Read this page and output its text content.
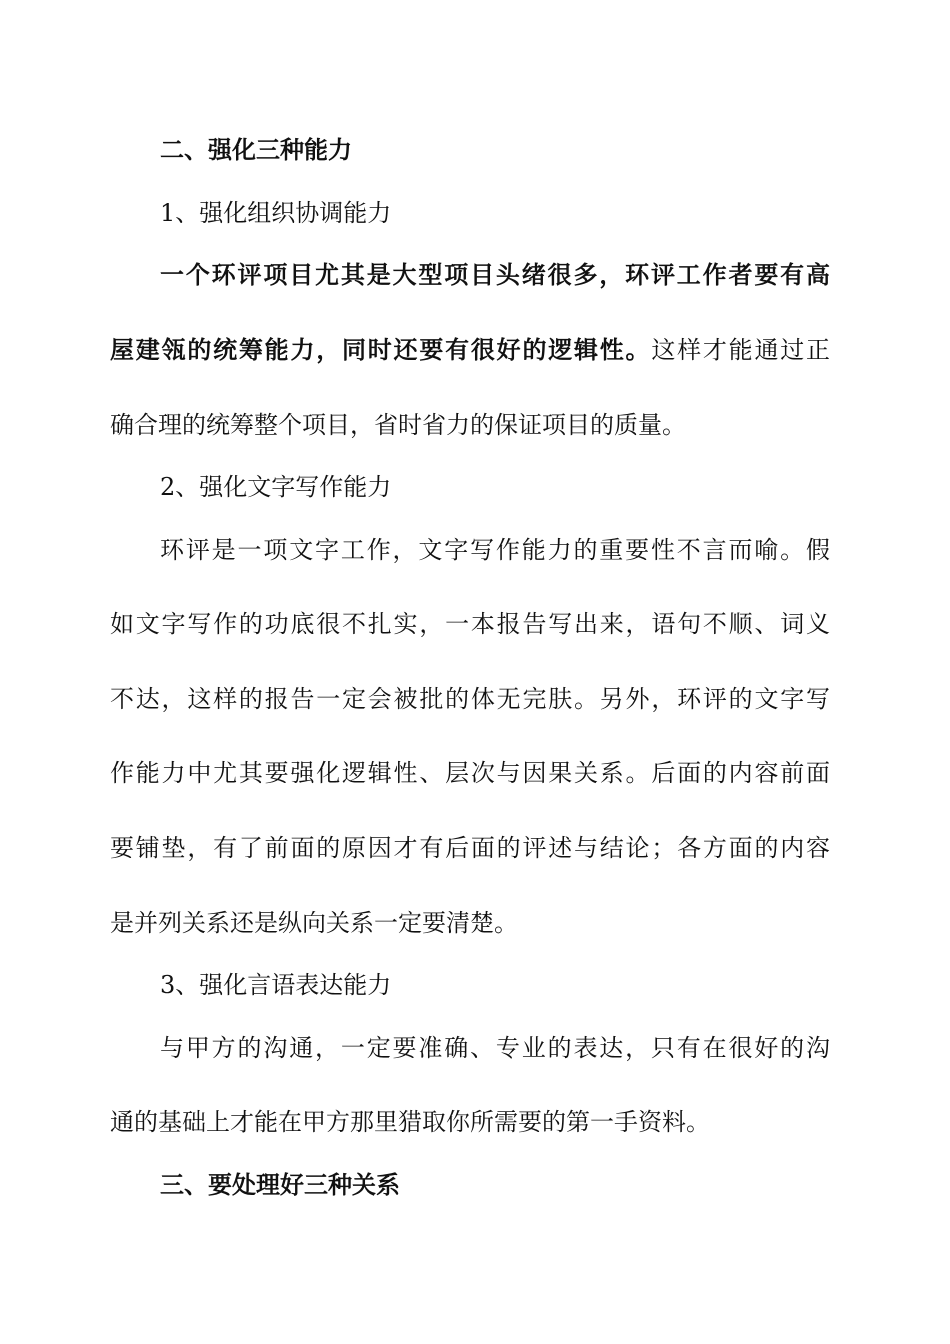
二、强化三种能力
1、强化组织协调能力
一个环评项目尤其是大型项目头绪很多，环评工作者要有高
屋建瓴的统筹能力，同时还要有很好的逻辑性。这样才能通过正
确合理的统筹整个项目，省时省力的保证项目的质量。
2、强化文字写作能力
环评是一项文字工作，文字写作能力的重要性不言而喻。假
如文字写作的功底很不扎实，一本报告写出来，语句不顺、词义
不达，这样的报告一定会被批的体无完肤。另外，环评的文字写
作能力中尤其要强化逻辑性、层次与因果关系。后面的内容前面
要铺垫，有了前面的原因才有后面的评述与结论；各方面的内容
是并列关系还是纵向关系一定要清楚。
3、强化言语表达能力
与甲方的沟通，一定要准确、专业的表达，只有在很好的沟
通的基础上才能在甲方那里猎取你所需要的第一手资料。
三、要处理好三种关系
